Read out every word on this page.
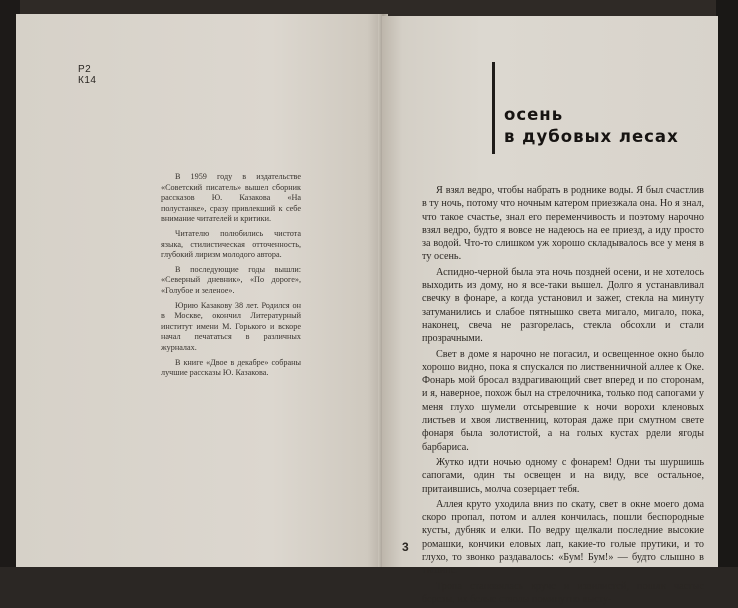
Р2
К14

В 1959 году в издательстве «Советский писатель» вышел сборник рассказов Ю. Казакова «На полустанке», сразу привлекший к себе внимание читателей и критики.

Читателю полюбились чистота языка, стилистическая отточенность, глубокий лиризм молодого автора.

В последующие годы вышли: «Северный дневник», «По дороге», «Голубое и зеленое».

Юрию Казакову 38 лет. Родился он в Москве, окончил Литературный институт имени М. Горького и вскоре начал печататься в различных журналах.

В книге «Двое в декабре» собраны лучшие рассказы Ю. Казакова.

осень
в дубовых лесах

Я взял ведро, чтобы набрать в роднике воды. Я был счастлив в ту ночь, потому что ночным катером приезжала она. Но я знал, что такое счастье, знал его переменчивость и поэтому нарочно взял ведро, будто я вовсе не надеюсь на ее приезд, а иду просто за водой. Что-то слишком уж хорошо складывалось все у меня в ту осень.

Аспидно-черной была эта ночь поздней осени, и не хотелось выходить из дому, но я все-таки вышел. Долго я устанавливал свечку в фонаре, а когда установил и зажег, стекла на минуту затуманились и слабое пятнышко света мигало, мигало, пока, наконец, свеча не разгорелась, стекла обсохли и стали прозрачными.

Свет в доме я нарочно не погасил, и освещенное окно было хорошо видно, пока я спускался по лиственничной аллее к Оке. Фонарь мой бросал вздрагивающий свет вперед и по сторонам, и я, наверное, похож был на стрелочника, только под сапогами у меня глухо шумели отсыревшие к ночи ворохи кленовых листьев и хвоя лиственниц, которая даже при смутном свете фонаря была золотистой, а на голых кустах рдели ягоды барбариса.

Жутко идти ночью одному с фонарем! Одни ты шуршишь сапогами, один ты освещен и на виду, все остальное, притаившись, молча созерцает тебя.

Аллея круто уходила вниз по скату, свет в окне моего дома скоро пропал, потом и аллея кончилась, пошли беспородные кусты, дубняк и елки. По ведру щелкали последние высокие ромашки, кончики еловых лап, какие-то голые прутики, и то глухо, то звонко раздавалось: «Бум! Бум!» — будто слышно в тишине.

Тропа становилась круче и извилистей, пошли частые березы, их белые стволы поминутно высту-

3
